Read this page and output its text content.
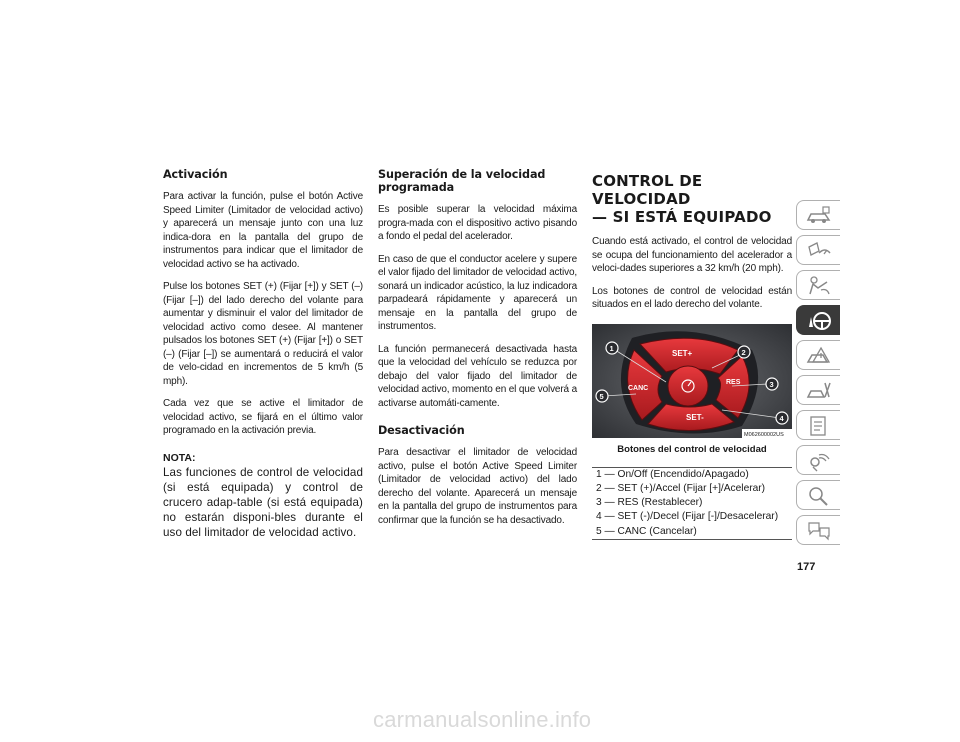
Activación

Para activar la función, pulse el botón Active Speed Limiter (Limitador de velocidad activo) y aparecerá un mensaje junto con una luz indica-dora en la pantalla del grupo de instrumentos para indicar que el limitador de velocidad activo se ha activado.

Pulse los botones SET (+) (Fijar [+]) y SET (–) (Fijar [–]) del lado derecho del volante para aumentar y disminuir el valor del limitador de velocidad activo como desee. Al mantener pulsados los botones SET (+) (Fijar [+]) o SET (–) (Fijar [–]) se aumentará o reducirá el valor de velo-cidad en incrementos de 5 km/h (5 mph).

Cada vez que se active el limitador de velocidad activo, se fijará en el último valor programado en la activación previa.

NOTA:

Las funciones de control de velocidad (si está equipada) y control de crucero adap-table (si está equipada) no estarán disponi-bles durante el uso del limitador de velocidad activo.

Superación de la velocidad programada

Es posible superar la velocidad máxima progra-mada con el dispositivo activo pisando a fondo el pedal del acelerador.

En caso de que el conductor acelere y supere el valor fijado del limitador de velocidad activo, sonará un indicador acústico, la luz indicadora parpadeará rápidamente y aparecerá un mensaje en la pantalla del grupo de instrumentos.

La función permanecerá desactivada hasta que la velocidad del vehículo se reduzca por debajo del valor fijado del limitador de velocidad activo, momento en el que volverá a activarse automáti-camente.

Desactivación

Para desactivar el limitador de velocidad activo, pulse el botón Active Speed Limiter (Limitador de velocidad activo) del lado derecho del volante. Aparecerá un mensaje en la pantalla del grupo de instrumentos para confirmar que la función se ha desactivado.

CONTROL DE VELOCIDAD
— SI ESTÁ EQUIPADO

Cuando está activado, el control de velocidad se ocupa del funcionamiento del acelerador a veloci-dades superiores a 32 km/h (20 mph).

Los botones de control de velocidad están situados en el lado derecho del volante.

SET+
RES
CANC
SET-
1	2
3
4
5
M062600002US
Botones del control de velocidad
1 — On/Off (Encendido/Apagado)
2 — SET (+)/Accel (Fijar [+]/Acelerar)
3 — RES (Restablecer)
4 — SET (-)/Decel (Fijar [-]/Desacelerar)
5 — CANC (Cancelar)
177
carmanualsonline.info
